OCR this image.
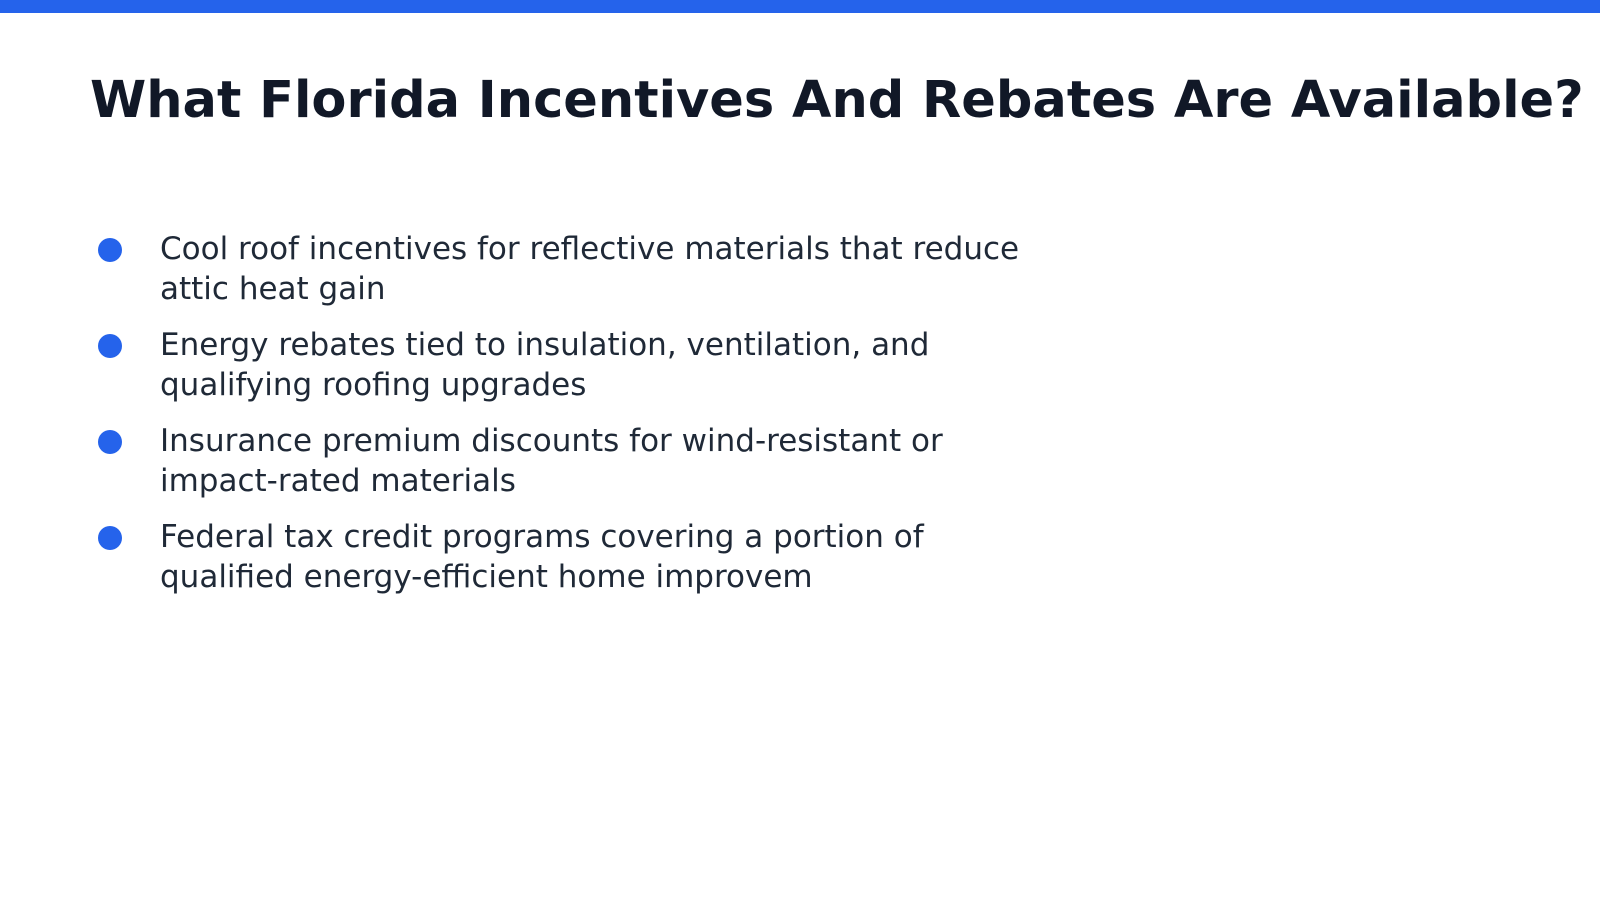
What Florida Incentives And Rebates Are Available?
Cool roof incentives for reflective materials that reduce attic heat gain
Energy rebates tied to insulation, ventilation, and qualifying roofing upgrades
Insurance premium discounts for wind-resistant or impact-rated materials
Federal tax credit programs covering a portion of qualified energy-efficient home improvem
